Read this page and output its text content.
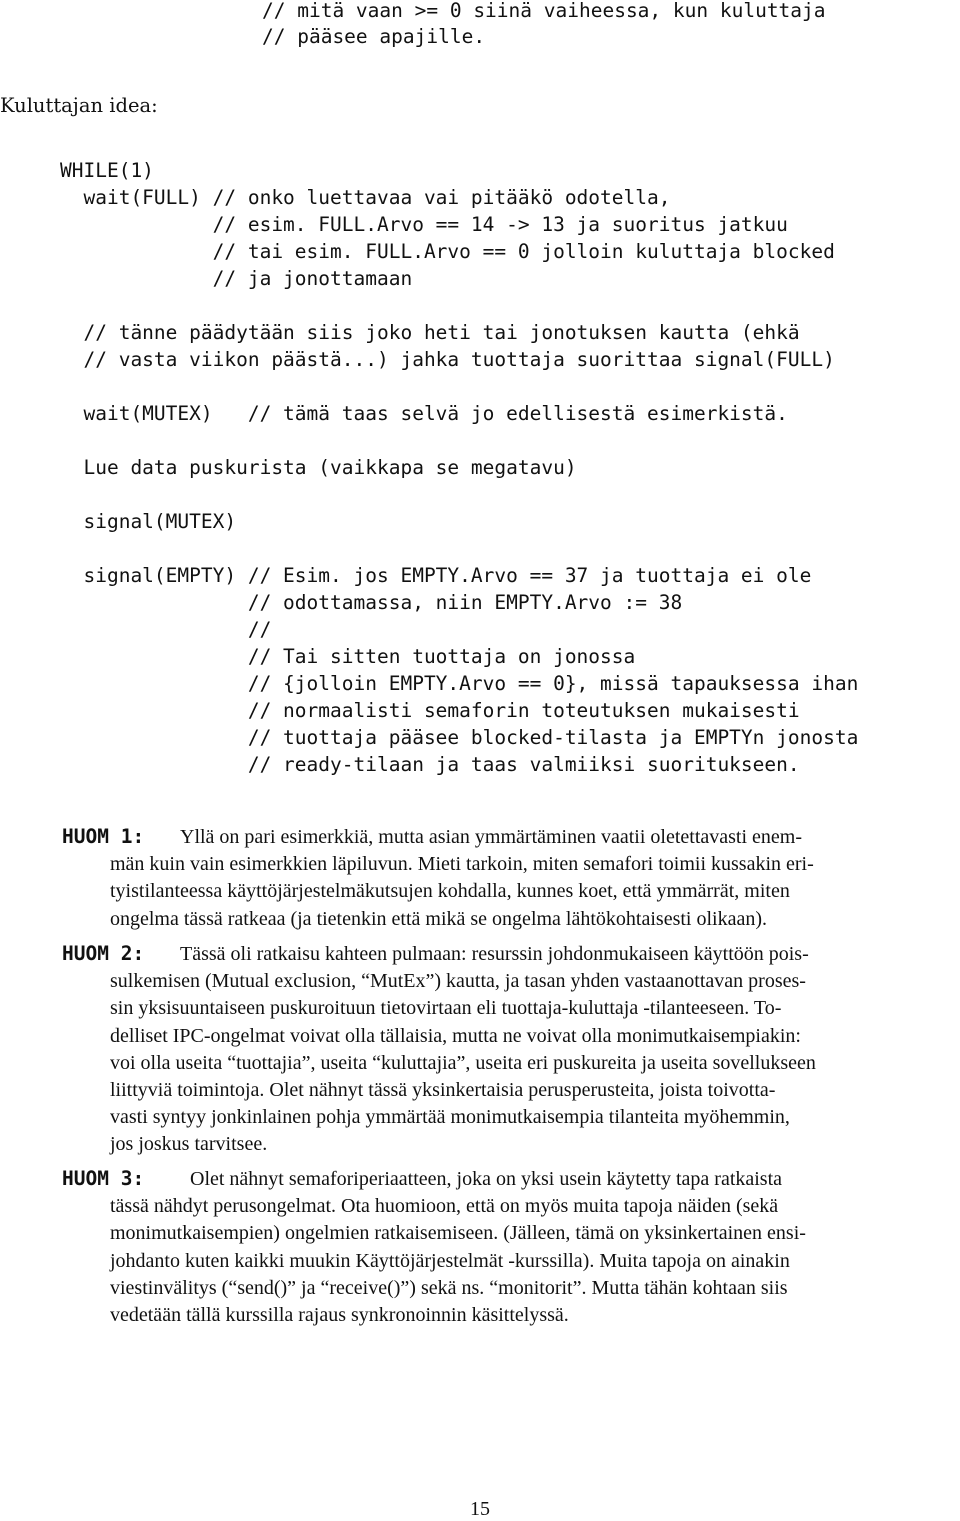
// mitä vaan >= 0 siinä vaiheessa, kun kuluttaja
// pääsee apajille.
Kuluttajan idea:
WHILE(1)
wait(FULL) // onko luettavaa vai pitääkö odotella,
// esim. FULL.Arvo == 14 -> 13 ja suoritus jatkuu
// tai esim. FULL.Arvo == 0 jolloin kuluttaja blocked
// ja jonottamaan
// tänne päädytään siis joko heti tai jonotuksen kautta (ehkä
// vasta viikon päästä...) jahka tuottaja suorittaa signal(FULL)
wait(MUTEX)   // tämä taas selvä jo edellisestä esimerkistä.
Lue data puskurista (vaikkapa se megatavu)
signal(MUTEX)
signal(EMPTY) // Esim. jos EMPTY.Arvo == 37 ja tuottaja ei ole
// odottamassa, niin EMPTY.Arvo := 38
//
// Tai sitten tuottaja on jonossa
// {jolloin EMPTY.Arvo == 0}, missä tapauksessa ihan
// normaalisti semaforin toteutuksen mukaisesti
// tuottaja pääsee blocked-tilasta ja EMPTYn jonosta
// ready-tilaan ja taas valmiiksi suoritukseen.
HUOM 1: Yllä on pari esimerkkiä, mutta asian ymmärtäminen vaatii oletettavasti enem-
män kuin vain esimerkkien läpiluvun. Mieti tarkoin, miten semafori toimii kussakin eri-
tyistilanteessa käyttöjärjestelmäkutsujen kohdalla, kunnes koet, että ymmärrät, miten
ongelma tässä ratkeaa (ja tietenkin että mikä se ongelma lähtökohtaisesti olikaan).
HUOM 2: Tässä oli ratkaisu kahteen pulmaan: resurssin johdonmukaiseen käyttöön pois-
sulkemisen (Mutual exclusion, “MutEx”) kautta, ja tasan yhden vastaanottavan proses-
sin yksisuuntaiseen puskuroituun tietovirtaan eli tuottaja-kuluttaja -tilanteeseen. To-
delliset IPC-ongelmat voivat olla tällaisia, mutta ne voivat olla monimutkaisempiakin:
voi olla useita “tuottajia”, useita “kuluttajia”, useita eri puskureita ja useita sovellukseen
liittyviä toimintoja. Olet nähnyt tässä yksinkertaisia perusperusteita, joista toivotta-
vasti syntyy jonkinlainen pohja ymmärtää monimutkaisempia tilanteita myöhemmin,
jos joskus tarvitsee.
HUOM 3: Olet nähnyt semaforiperiaatteen, joka on yksi usein käytetty tapa ratkaista
tässä nähdyt perusongelmat. Ota huomioon, että on myös muita tapoja näiden (sekä
monimutkaisempien) ongelmien ratkaisemiseen. (Jälleen, tämä on yksinkertainen ensi-
johdanto kuten kaikki muukin Käyttöjärjestelmät -kurssilla). Muita tapoja on ainakin
viestinvälitys (“send()” ja “receive()”) sekä ns. “monitorit”. Mutta tähän kohtaan siis
vedetään tällä kurssilla rajaus synkronoinnin käsittelyssä.
15
